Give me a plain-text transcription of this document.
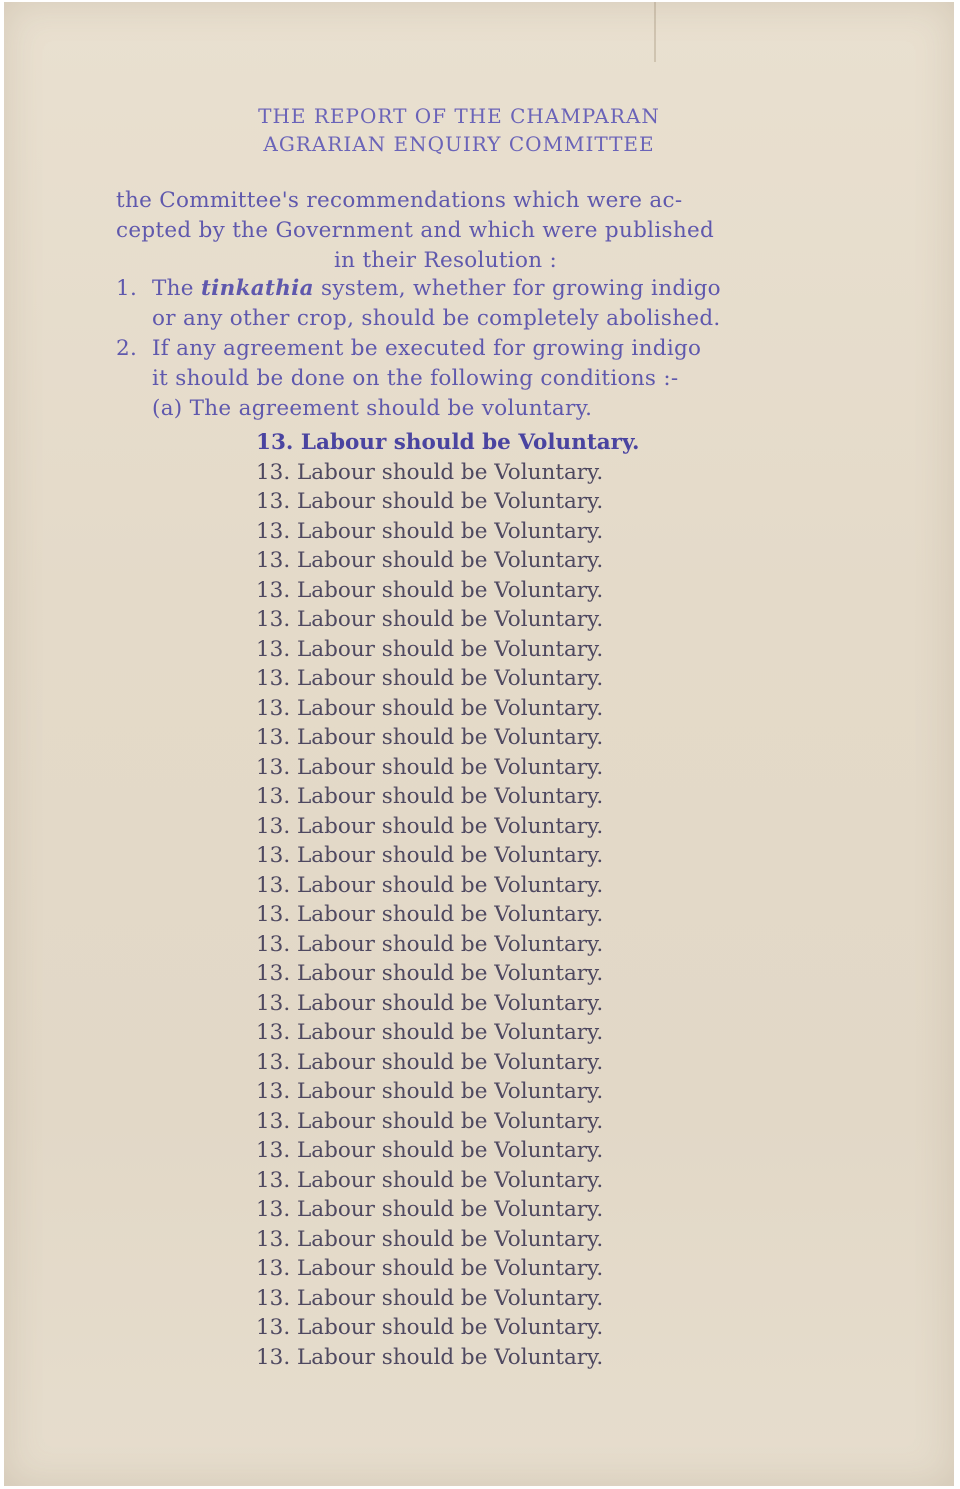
THE REPORT OF THE CHAMPARAN
AGRARIAN ENQUIRY COMMITTEE
the Committee's recommendations which were ac-
cepted by the Government and which were published
in their Resolution :
1. The tinkathia system, whether for growing indigo
or any other crop, should be completely abolished.
2. If any agreement be executed for growing indigo
it should be done on the following conditions :-
(a) The agreement should be voluntary.
13. Labour should be Voluntary.
13. Labour should be Voluntary.
13. Labour should be Voluntary.
13. Labour should be Voluntary.
13. Labour should be Voluntary.
13. Labour should be Voluntary.
13. Labour should be Voluntary.
13. Labour should be Voluntary.
13. Labour should be Voluntary.
13. Labour should be Voluntary.
13. Labour should be Voluntary.
13. Labour should be Voluntary.
13. Labour should be Voluntary.
13. Labour should be Voluntary.
13. Labour should be Voluntary.
13. Labour should be Voluntary.
13. Labour should be Voluntary.
13. Labour should be Voluntary.
13. Labour should be Voluntary.
13. Labour should be Voluntary.
13. Labour should be Voluntary.
13. Labour should be Voluntary.
13. Labour should be Voluntary.
13. Labour should be Voluntary.
13. Labour should be Voluntary.
13. Labour should be Voluntary.
13. Labour should be Voluntary.
13. Labour should be Voluntary.
13. Labour should be Voluntary.
13. Labour should be Voluntary.
13. Labour should be Voluntary.
13. Labour should be Voluntary.
